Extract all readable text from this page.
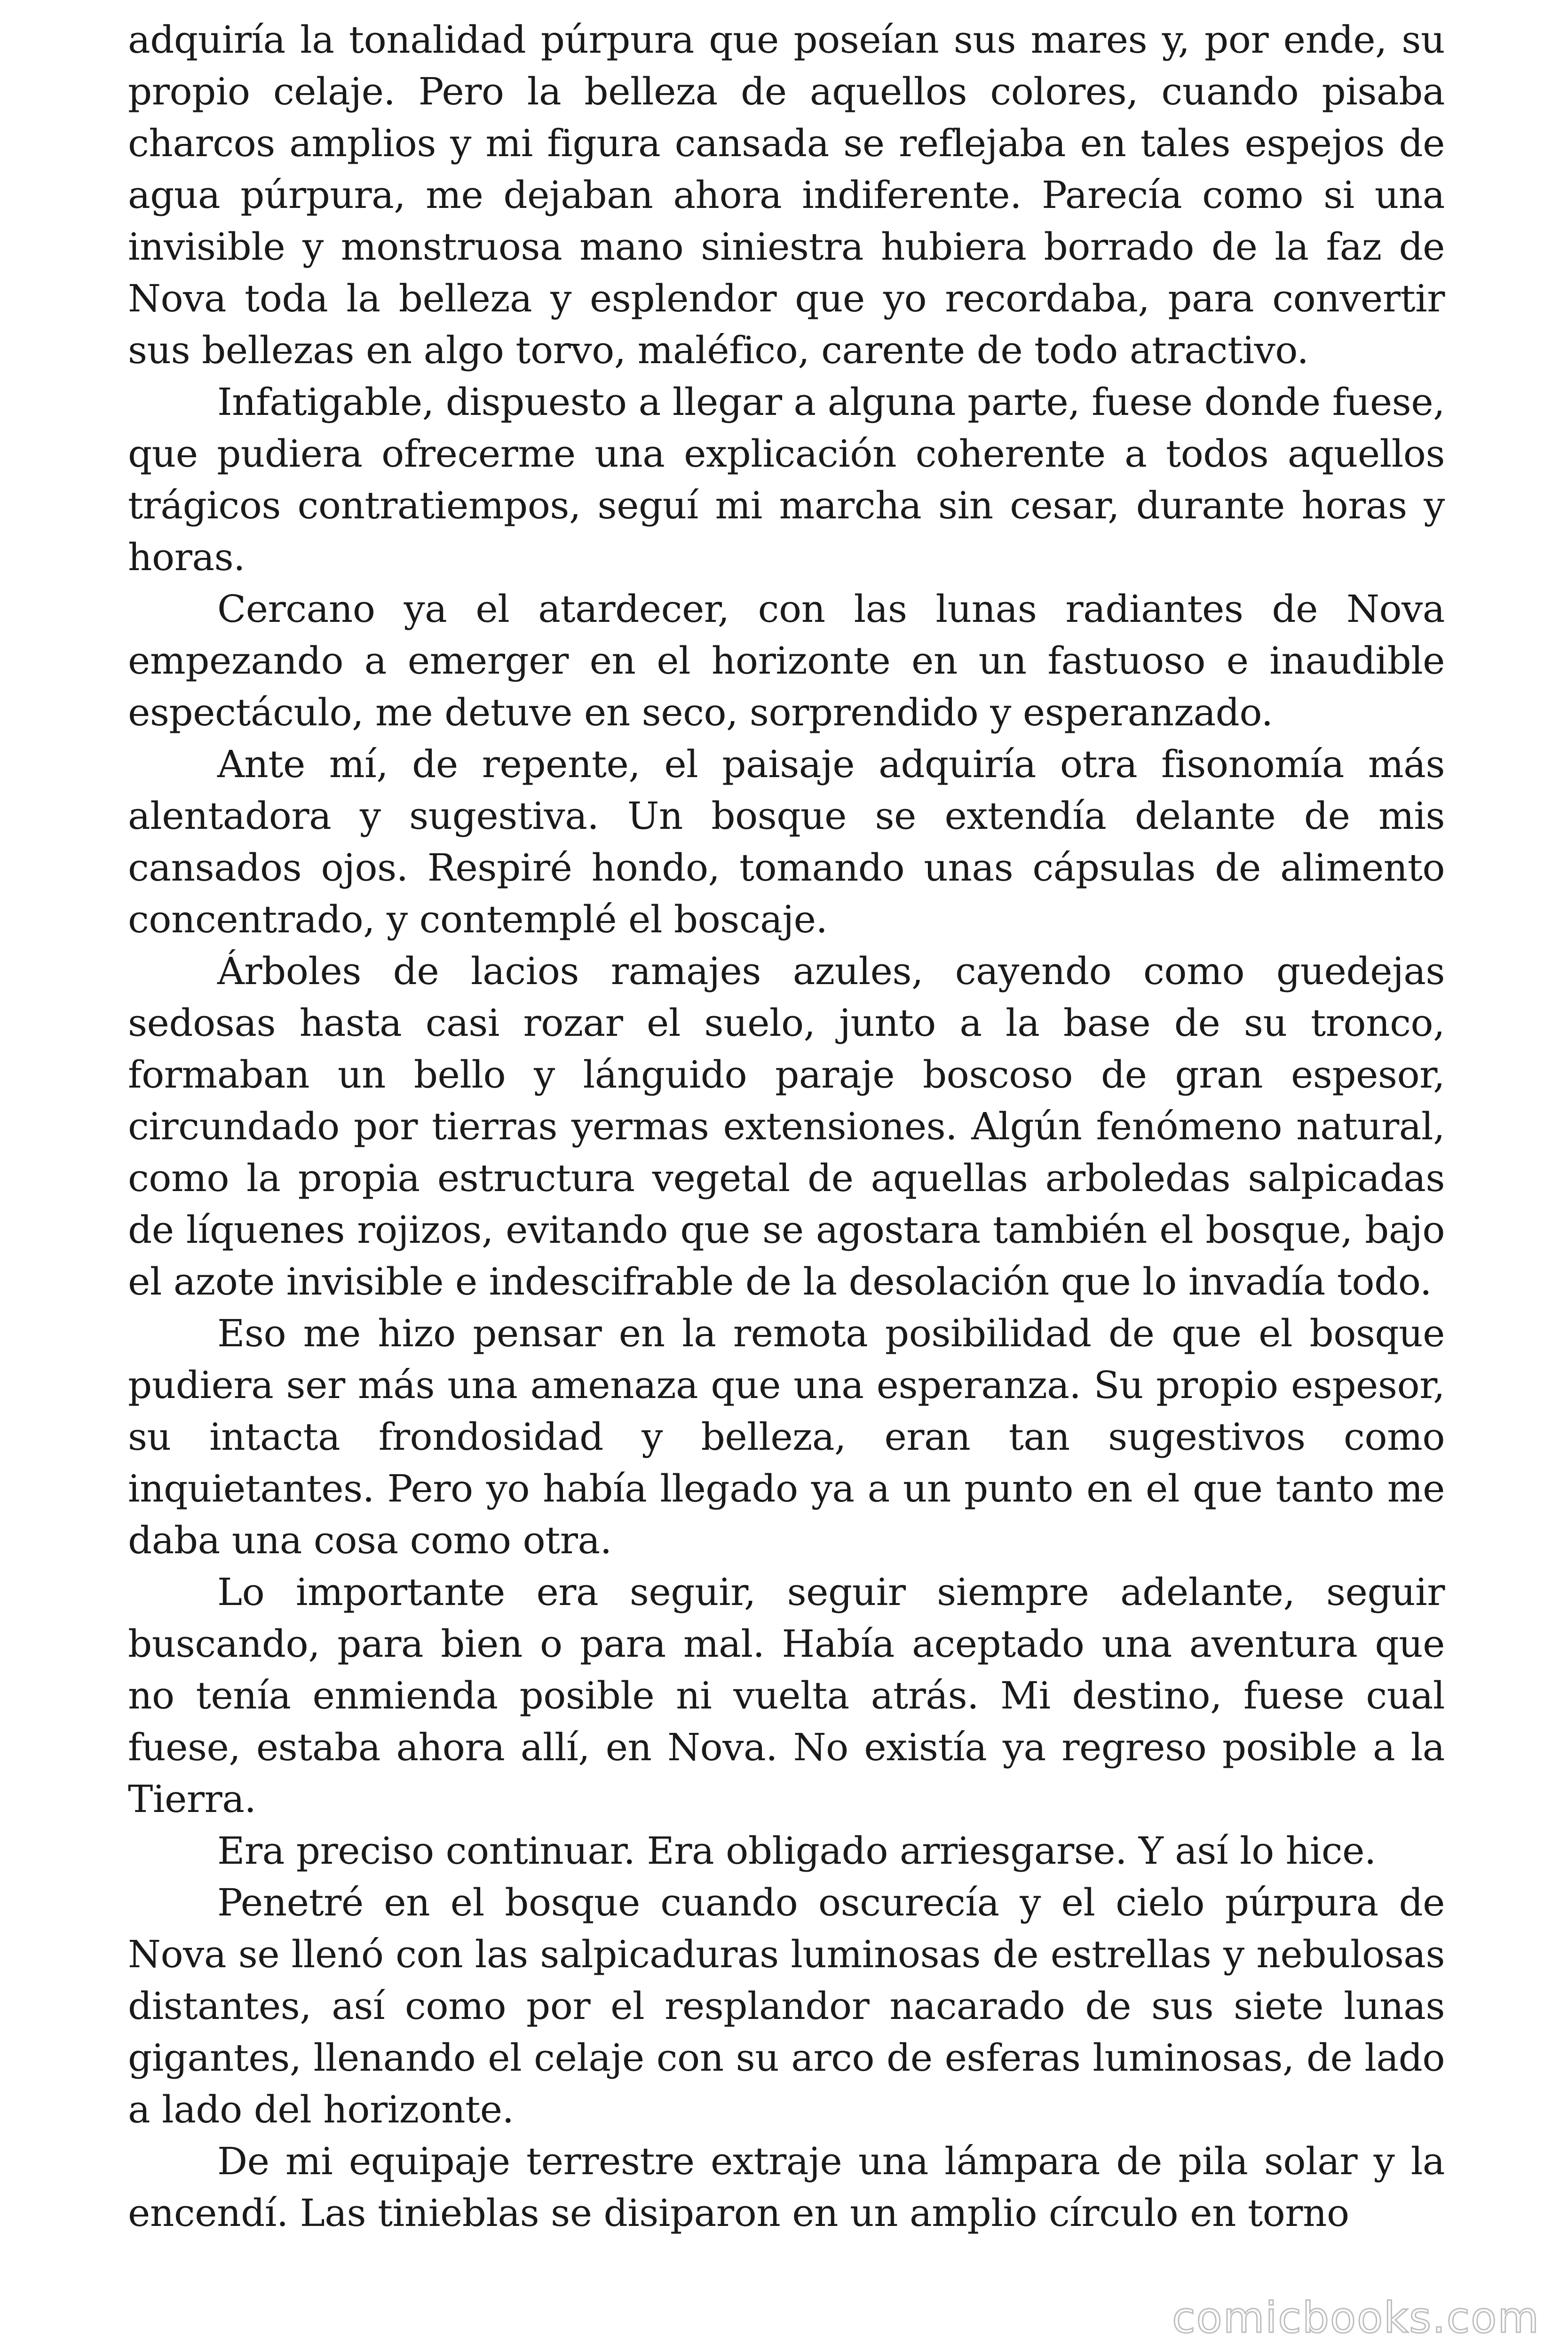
adquiría la tonalidad púrpura que poseían sus mares y, por ende, su propio celaje. Pero la belleza de aquellos colores, cuando pisaba charcos amplios y mi figura cansada se reflejaba en tales espejos de agua púrpura, me dejaban ahora indiferente. Parecía como si una invisible y monstruosa mano siniestra hubiera borrado de la faz de Nova toda la belleza y esplendor que yo recordaba, para convertir sus bellezas en algo torvo, maléfico, carente de todo atractivo.

Infatigable, dispuesto a llegar a alguna parte, fuese donde fuese, que pudiera ofrecerme una explicación coherente a todos aquellos trágicos contratiempos, seguí mi marcha sin cesar, durante horas y horas.

Cercano ya el atardecer, con las lunas radiantes de Nova empezando a emerger en el horizonte en un fastuoso e inaudible espectáculo, me detuve en seco, sorprendido y esperanzado.

Ante mí, de repente, el paisaje adquiría otra fisonomía más alentadora y sugestiva. Un bosque se extendía delante de mis cansados ojos. Respiré hondo, tomando unas cápsulas de alimento concentrado, y contemplé el boscaje.

Árboles de lacios ramajes azules, cayendo como guedejas sedosas hasta casi rozar el suelo, junto a la base de su tronco, formaban un bello y lánguido paraje boscoso de gran espesor, circundado por tierras yermas extensiones. Algún fenómeno natural, como la propia estructura vegetal de aquellas arboledas salpicadas de líquenes rojizos, evitando que se agostara también el bosque, bajo el azote invisible e indescifrable de la desolación que lo invadía todo.

Eso me hizo pensar en la remota posibilidad de que el bosque pudiera ser más una amenaza que una esperanza. Su propio espesor, su intacta frondosidad y belleza, eran tan sugestivos como inquietantes. Pero yo había llegado ya a un punto en el que tanto me daba una cosa como otra.

Lo importante era seguir, seguir siempre adelante, seguir buscando, para bien o para mal. Había aceptado una aventura que no tenía enmienda posible ni vuelta atrás. Mi destino, fuese cual fuese, estaba ahora allí, en Nova. No existía ya regreso posible a la Tierra.

Era preciso continuar. Era obligado arriesgarse. Y así lo hice.

Penetré en el bosque cuando oscurecía y el cielo púrpura de Nova se llenó con las salpicaduras luminosas de estrellas y nebulosas distantes, así como por el resplandor nacarado de sus siete lunas gigantes, llenando el celaje con su arco de esferas luminosas, de lado a lado del horizonte.

De mi equipaje terrestre extraje una lámpara de pila solar y la encendí. Las tinieblas se disiparon en un amplio círculo en torno

comicbooks.com
